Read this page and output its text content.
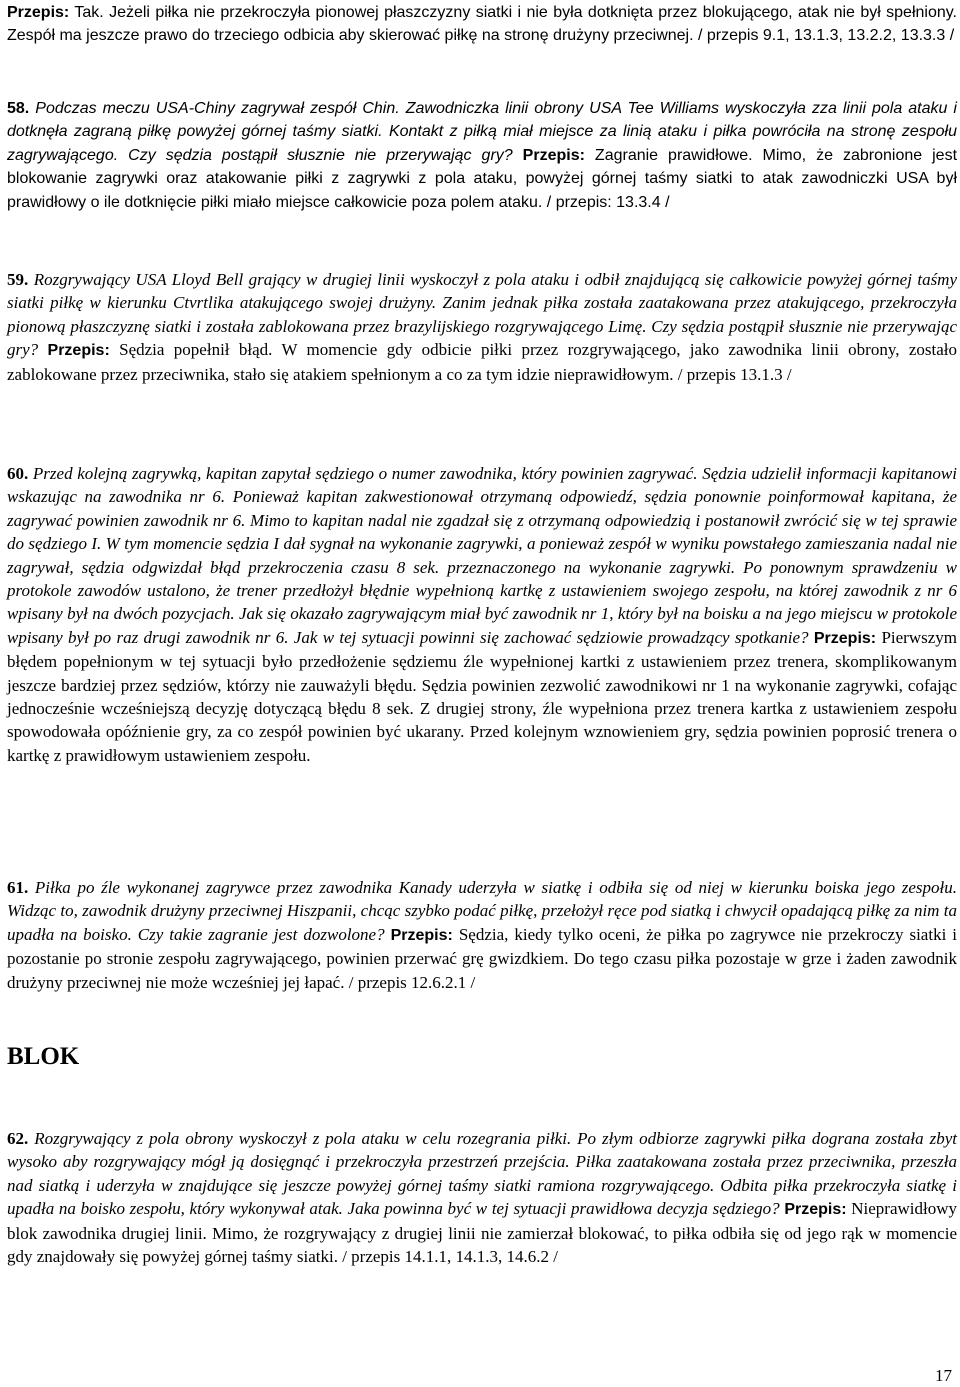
Przepis: Tak. Jeżeli piłka nie przekroczyła pionowej płaszczyzny siatki i nie była dotknięta przez blokującego, atak nie był spełniony. Zespół ma jeszcze prawo do trzeciego odbicia aby skierować piłkę na stronę drużyny przeciwnej. / przepis 9.1, 13.1.3, 13.2.2, 13.3.3 /

58. Podczas meczu USA-Chiny zagrywał zespół Chin. Zawodniczka linii obrony USA Tee Williams wyskoczyła zza linii pola ataku i dotknęła zagraną piłkę powyżej górnej taśmy siatki. Kontakt z piłką miał miejsce za linią ataku i piłka powróciła na stronę zespołu zagrywającego. Czy sędzia postąpił słusznie nie przerywając gry? Przepis: Zagranie prawidłowe. Mimo, że zabronione jest blokowanie zagrywki oraz atakowanie piłki z zagrywki z pola ataku, powyżej górnej taśmy siatki to atak zawodniczki USA był prawidłowy o ile dotknięcie piłki miało miejsce całkowicie poza polem ataku. / przepis: 13.3.4 /

59. Rozgrywający USA Lloyd Bell grający w drugiej linii wyskoczył z pola ataku i odbił znajdującą się całkowicie powyżej górnej taśmy siatki piłkę w kierunku Ctvrtlika atakującego swojej drużyny. Zanim jednak piłka została zaatakowana przez atakującego, przekroczyła pionową płaszczyznę siatki i została zablokowana przez brazylijskiego rozgrywającego Limę. Czy sędzia postąpił słusznie nie przerywając gry? Przepis: Sędzia popełnił błąd. W momencie gdy odbicie piłki przez rozgrywającego, jako zawodnika linii obrony, zostało zablokowane przez przeciwnika, stało się atakiem spełnionym a co za tym idzie nieprawidłowym. / przepis 13.1.3 /

60. Przed kolejną zagrywką, kapitan zapytał sędziego o numer zawodnika, który powinien zagrywać. Sędzia udzielił informacji kapitanowi wskazując na zawodnika nr 6. Ponieważ kapitan zakwestionował otrzymaną odpowiedź, sędzia ponownie poinformował kapitana, że zagrywać powinien zawodnik nr 6. Mimo to kapitan nadal nie zgadzał się z otrzymaną odpowiedzią i postanowił zwrócić się w tej sprawie do sędziego I. W tym momencie sędzia I dał sygnał na wykonanie zagrywki, a ponieważ zespół w wyniku powstałego zamieszania nadal nie zagrywał, sędzia odgwizdał błąd przekroczenia czasu 8 sek. przeznaczonego na wykonanie zagrywki. Po ponownym sprawdzeniu w protokole zawodów ustalono, że trener przedłożył błędnie wypełnioną kartkę z ustawieniem swojego zespołu, na której zawodnik z nr 6 wpisany był na dwóch pozycjach. Jak się okazało zagrywającym miał być zawodnik nr 1, który był na boisku a na jego miejscu w protokole wpisany był po raz drugi zawodnik nr 6. Jak w tej sytuacji powinni się zachować sędziowie prowadzący spotkanie? Przepis: Pierwszym błędem popełnionym w tej sytuacji było przedłożenie sędziemu źle wypełnionej kartki z ustawieniem przez trenera, skomplikowanym jeszcze bardziej przez sędziów, którzy nie zauważyli błędu. Sędzia powinien zezwolić zawodnikowi nr 1 na wykonanie zagrywki, cofając jednocześnie wcześniejszą decyzję dotyczącą błędu 8 sek. Z drugiej strony, źle wypełniona przez trenera kartka z ustawieniem zespołu spowodowała opóźnienie gry, za co zespół powinien być ukarany. Przed kolejnym wznowieniem gry, sędzia powinien poprosić trenera o kartkę z prawidłowym ustawieniem zespołu.

61. Piłka po źle wykonanej zagrywce przez zawodnika Kanady uderzyła w siatkę i odbiła się od niej w kierunku boiska jego zespołu. Widząc to, zawodnik drużyny przeciwnej Hiszpanii, chcąc szybko podać piłkę, przełożył ręce pod siatką i chwycił opadającą piłkę za nim ta upadła na boisko. Czy takie zagranie jest dozwolone? Przepis: Sędzia, kiedy tylko oceni, że piłka po zagrywce nie przekroczy siatki i pozostanie po stronie zespołu zagrywającego, powinien przerwać grę gwizdkiem. Do tego czasu piłka pozostaje w grze i żaden zawodnik drużyny przeciwnej nie może wcześniej jej łapać. / przepis 12.6.2.1 /

BLOK

62. Rozgrywający z pola obrony wyskoczył z pola ataku w celu rozegrania piłki. Po złym odbiorze zagrywki piłka dograna została zbyt wysoko aby rozgrywający mógł ją dosięgnąć i przekroczyła przestrzeń przejścia. Piłka zaatakowana została przez przeciwnika, przeszła nad siatką i uderzyła w znajdujące się jeszcze powyżej górnej taśmy siatki ramiona rozgrywającego. Odbita piłka przekroczyła siatkę i upadła na boisko zespołu, który wykonywał atak. Jaka powinna być w tej sytuacji prawidłowa decyzja sędziego? Przepis: Nieprawidłowy blok zawodnika drugiej linii. Mimo, że rozgrywający z drugiej linii nie zamierzał blokować, to piłka odbiła się od jego rąk w momencie gdy znajdowały się powyżej górnej taśmy siatki. / przepis 14.1.1, 14.1.3, 14.6.2 /

17
